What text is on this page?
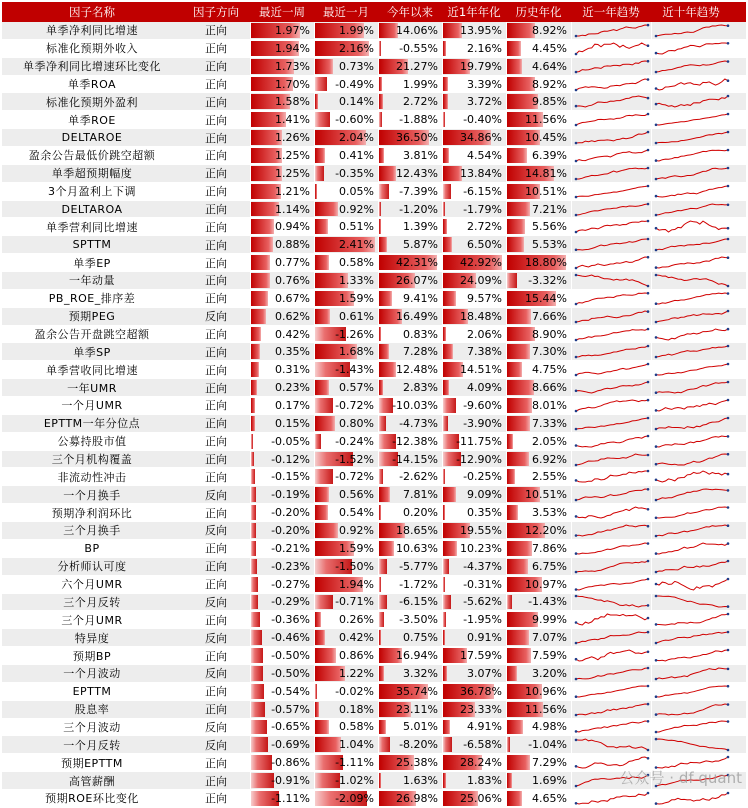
因子名称	因子方向	最近一周	最近一月	今年以来	近1年年化	历史年化	近一年趋势	近十年趋势
单季净利同比增速	正向	1.97%	1.99% 14.06% 13.95%	8.92%
标准化预期外收入	正向	1.94%	2.16% -0.55%	2.16%	4.45%
单季净利同比增速环比变化	正向	1.73%	0.73% 21.27% 19.79%	4.64%
单季ROA	正向	1.70% -0.49%	1.99%	3.39%	8.92%
标准化预期外盈利	正向	1.58%	0.14%	2.72%	3.72%	9.85%
单季ROE	正向	1.41% -0.60% -1.88% -0.40% 11.56%
DELTAROE	正向	1.26%	2.04% 36.50% 34.86% 10.45%
盈余公告最低价跳空超额	正向	1.25%	0.41%	3.81%	4.54%	6.39%
单季超预期幅度	正向	1.25% -0.35% 12.43% 13.84% 14.81%
3个月盈利上下调	正向	1.21%	0.05% -7.39% -6.15% 10.51%
DELTAROA	正向	1.14%	0.92% -1.20% -1.79%	7.21%
单季营利同比增速	正向	0.94%	0.51%	1.39%	2.72%	5.56%
SPTTM	正向	0.88%	2.41%	5.87%	6.50%	5.53%
单季EP	正向	0.77%	0.58% 42.31% 42.92% 18.80%
一年动量	正向	0.76%	1.33% 26.07% 24.09% -3.32%
PB_ROE_排序差	正向	0.67%	1.59%	9.41%	9.57% 15.44%
预期PEG	反向	0.62%	0.61% 16.49% 18.48%	7.66%
盈余公告开盘跳空超额	正向	0.42% -1.26%	0.83%	2.06%	8.90%
单季SP	正向	0.35%	1.68%	7.28%	7.38%	7.30%
单季营收同比增速	正向	0.31% -1.43% 12.48% 14.51%	4.75%
一年UMR	正向	0.23%	0.57%	2.83%	4.09%	8.66%
一个月UMR	正向	0.17% -0.72% -10.03% -9.60%	8.01%
EPTTM一年分位点	正向	0.15%	0.80% -4.73% -3.90%	7.33%
公募持股市值	正向	-0.05% -0.24% -12.38% -11.75%	2.05%
三个月机构覆盖	正向	-0.12% -1.52% -14.15% -12.90%	6.92%
非流动性冲击	正向	-0.15% -0.72% -2.62% -0.25%	2.55%
一个月换手	反向	-0.19%	0.56%	7.81%	9.09% 10.51%
预期净利润环比	正向	-0.20%	0.54%	0.20%	0.35%	3.53%
三个月换手	反向	-0.20%	0.92% 18.65% 19.55% 12.20%
BP	正向	-0.21%	1.59% 10.63% 10.23%	7.86%
分析师认可度	正向	-0.23% -1.50% -5.77% -4.37%	6.75%
六个月UMR	正向	-0.27%	1.94% -1.72% -0.31% 10.97%
三个月反转	反向	-0.29% -0.71% -6.15% -5.62% -1.43%
三个月UMR	正向	-0.36%	0.26% -3.50% -1.95%	9.99%
特异度	反向	-0.46%	0.42%	0.75%	0.91%	7.07%
预期BP	正向	-0.50%	0.86% 16.94% 17.59%	7.59%
一个月波动	反向	-0.50%	1.22%	3.32%	3.07%	3.20%
EPTTM	正向	-0.54% -0.02% 35.74% 36.78% 10.96%
股息率	正向	-0.57%	0.18% 23.11% 23.33% 11.56%
三个月波动	反向	-0.65%	0.58%	5.01%	4.91%	4.98%
一个月反转	反向	-0.69%	1.04% -8.20% -6.58% -1.04%
预期EPTTM	正向	-0.86% -1.11% 25.38% 28.24%	7.29%
高管薪酬	正向	-0.91% -1.02%	1.63%	1.83%	1.69%
预期ROE环比变化	正向	-1.11% -2.09% 26.98% 25.06%	4.65%
公众号 · df quant
